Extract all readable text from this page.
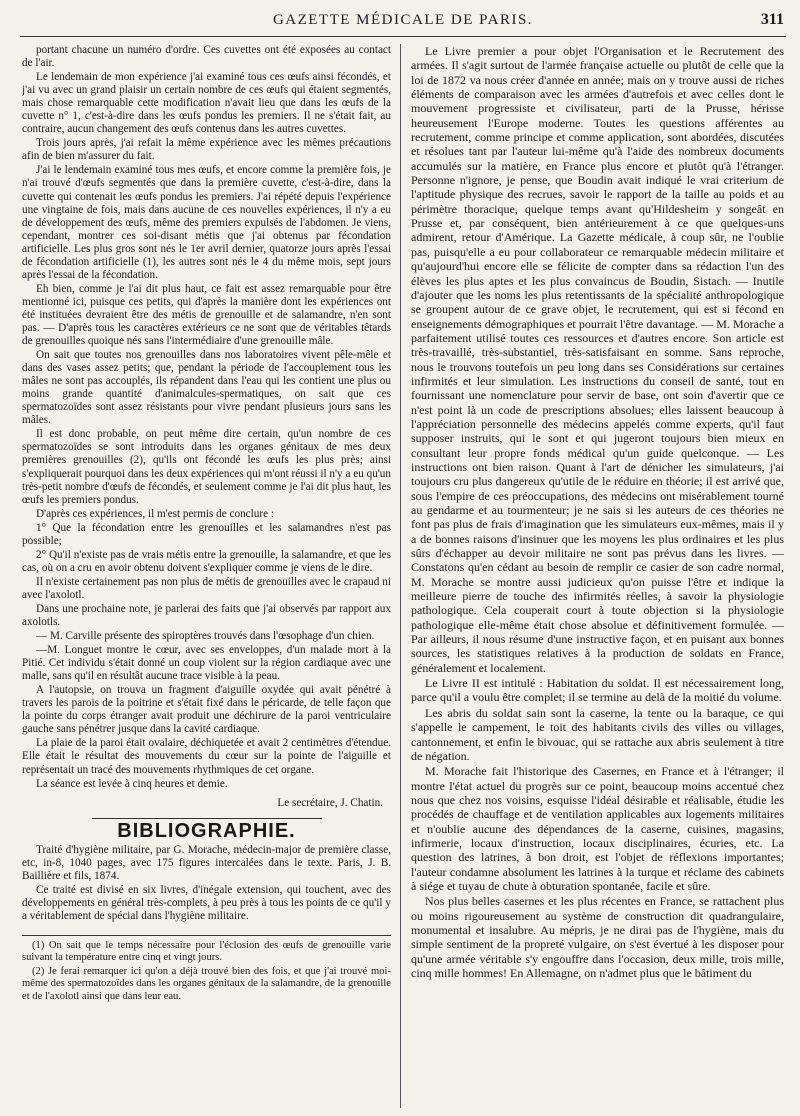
GAZETTE MÉDICALE DE PARIS.	311

portant chacune un numéro d'ordre. Ces cuvettes ont été exposées au contact de l'air.

Le lendemain de mon expérience j'ai examiné tous ces œufs ainsi fécondés, et j'ai vu avec un grand plaisir un certain nombre de ces œufs qui étaient segmentés, mais chose remarquable cette modification n'avait lieu que dans les œufs de la cuvette n° 1, c'est-à-dire dans les œufs pondus les premiers. Il ne s'était fait, au contraire, aucun changement des œufs contenus dans les autres cuvettes.

Trois jours après, j'ai refait la même expérience avec les mêmes précautions afin de bien m'assurer du fait.

J'ai le lendemain examiné tous mes œufs, et encore comme la première fois, je n'ai trouvé d'œufs segmentés que dans la première cuvette, c'est-à-dire, dans la cuvette qui contenait les œufs pondus les premiers. J'ai répété depuis l'expérience une vingtaine de fois, mais dans aucune de ces nouvelles expériences, il n'y a eu de développement des œufs, même des premiers expulsés de l'abdomen. Je viens, cependant, montrer ces soi-disant métis que j'ai obtenus par fécondation artificielle. Les plus gros sont nés le 1er avril dernier, quatorze jours après l'essai de fécondation artificielle (1), les autres sont nés le 4 du même mois, sept jours après l'essai de la fécondation.

Eh bien, comme je l'ai dit plus haut, ce fait est assez remarquable pour être mentionné ici, puisque ces petits, qui d'après la manière dont les expériences ont été instituées devraient être des métis de grenouille et de salamandre, n'en sont pas. — D'après tous les caractères extérieurs ce ne sont que de véritables têtards de grenouilles quoique nés sans l'intermédiaire d'une grenouille mâle.

On sait que toutes nos grenouilles dans nos laboratoires vivent pêle-mêle et dans des vases assez petits; que, pendant la période de l'accouplement tous les mâles ne sont pas accouplés, ils répandent dans l'eau qui les contient une plus ou moins grande quantité d'animalcules-spermatiques, on sait que ces spermatozoïdes sont assez résistants pour vivre pendant plusieurs jours sans les mâles.

Il est donc probable, on peut même dire certain, qu'un nombre de ces spermatozoïdes se sont introduits dans les organes génitaux de mes deux premières grenouilles (2), qu'ils ont fécondé les œufs les plus près; ainsi s'expliquerait pourquoi dans les deux expériences qui m'ont réussi il n'y a eu qu'un très-petit nombre d'œufs de fécondés, et seulement comme je l'ai dit plus haut, les œufs les premiers pondus.

D'après ces expériences, il m'est permis de conclure :

1° Que la fécondation entre les grenouilles et les salamandres n'est pas possible;

2° Qu'il n'existe pas de vrais métis entre la grenouille, la salamandre, et que les cas, où on a cru en avoir obtenu doivent s'expliquer comme je viens de le dire.

Il n'existe certainement pas non plus de métis de grenouilles avec le crapaud ni avec l'axolotl.

Dans une prochaine note, je parlerai des faits que j'ai observés par rapport aux axolotls.

— M. Carville présente des spiroptères trouvés dans l'œsophage d'un chien.

—M. Longuet montre le cœur, avec ses enveloppes, d'un malade mort à la Pitié. Cet individu s'était donné un coup violent sur la région cardiaque avec une malle, sans qu'il en résultât aucune trace visible à la peau.

A l'autopsie, on trouva un fragment d'aiguille oxydée qui avait pénétré à travers les parois de la poitrine et s'était fixé dans le péricarde, de telle façon que la pointe du corps étranger avait produit une déchirure de la paroi ventriculaire gauche sans pénétrer jusque dans la cavité cardiaque.

La plaie de la paroi était ovalaire, déchiquetée et avait 2 centimètres d'étendue. Elle était le résultat des mouvements du cœur sur la pointe de l'aiguille et représentait un tracé des mouvements rhythmiques de cet organe.

La séance est levée à cinq heures et demie.

Le secrétaire, J. Chatin.
BIBLIOGRAPHIE.

Traité d'hygiène militaire, par G. Morache, médecin-major de première classe, etc, in-8, 1040 pages, avec 175 figures intercalées dans le texte. Paris, J. B. Baillière et fils, 1874.

Ce traité est divisé en six livres, d'inégale extension, qui touchent, avec des développements en général très-complets, à peu près à tous les points de ce qu'il y a véritablement de spécial dans l'hygiène militaire.

(1) On sait que le temps nécessaire pour l'éclosion des œufs de grenouille varie suivant la température entre cinq et vingt jours.

(2) Je ferai remarquer ici qu'on a déjà trouvé bien des fois, et que j'ai trouvé moi-même des spermatozoïdes dans les organes génitaux de la salamandre, de la grenouille et de l'axolotl ainsi que dans leur eau.

Le Livre premier a pour objet l'Organisation et le Recrutement des armées. Il s'agit surtout de l'armée française actuelle ou plutôt de celle que la loi de 1872 va nous créer d'année en année; mais on y trouve aussi de riches éléments de comparaison avec les armées d'autrefois et avec celles dont le mouvement progressiste et civilisateur, parti de la Prusse, hérisse heureusement l'Europe moderne. Toutes les questions afférentes au recrutement, comme principe et comme application, sont abordées, discutées et résolues tant par l'auteur lui-même qu'à l'aide des nombreux documents accumulés sur la matière, en France plus encore et plutôt qu'à l'étranger. Personne n'ignore, je pense, que Boudin avait indiqué le vrai criterium de l'aptitude physique des recrues, savoir le rapport de la taille au poids et au périmètre thoracique, quelque temps avant qu'Hildesheim y songeât en Prusse et, par conséquent, bien antérieurement à ce que quelques-uns admirent, retour d'Amérique. La Gazette médicale, à coup sûr, ne l'oublie pas, puisqu'elle a eu pour collaborateur ce remarquable médecin militaire et qu'aujourd'hui encore elle se félicite de compter dans sa rédaction l'un des élèves les plus aptes et les plus convaincus de Boudin, Sistach. — Inutile d'ajouter que les noms les plus retentissants de la spécialité anthropologique se groupent autour de ce grave objet, le recrutement, qui est si fécond en enseignements démographiques et pourrait l'être davantage. — M. Morache a parfaitement utilisé toutes ces ressources et d'autres encore. Son article est très-travaillé, très-substantiel, très-satisfaisant en somme. Sans reproche, nous le trouvons toutefois un peu long dans ses Considérations sur certaines infirmités et leur simulation. Les instructions du conseil de santé, tout en fournissant une nomenclature pour servir de base, ont soin d'avertir que ce n'est point là un code de prescriptions absolues; elles laissent beaucoup à l'appréciation personnelle des médecins appelés comme experts, qu'il faut supposer instruits, qui le sont et qui jugeront toujours bien mieux en consultant leur propre fonds médical qu'un guide quelconque. — Les instructions ont bien raison. Quant à l'art de dénicher les simulateurs, j'ai toujours cru plus dangereux qu'utile de le réduire en théorie; il est arrivé que, sous l'empire de ces préoccupations, des médecins ont misérablement tourné au gendarme et au tourmenteur; je ne sais si les auteurs de ces théories ne font pas plus de frais d'imagination que les simulateurs eux-mêmes, mais il y a de bonnes raisons d'insinuer que les moyens les plus ordinaires et les plus sûrs d'échapper au devoir militaire ne sont pas prévus dans les livres. — Constatons qu'en cédant au besoin de remplir ce casier de son cadre normal, M. Morache se montre aussi judicieux qu'on puisse l'être et indique la meilleure pierre de touche des infirmités réelles, à savoir la physiologie pathologique. Cela couperait court à toute objection si la physiologie pathologique elle-même était chose absolue et définitivement formulée. — Par ailleurs, il nous résume d'une instructive façon, et en puisant aux bonnes sources, les statistiques relatives à la production de soldats en France, généralement et localement.

Le Livre II est intitulé : Habitation du soldat. Il est nécessairement long, parce qu'il a voulu être complet; il se termine au delà de la moitié du volume.

Les abris du soldat sain sont la caserne, la tente ou la baraque, ce qui s'appelle le campement, le toit des habitants civils des villes ou villages, cantonnement, et enfin le bivouac, qui se rattache aux abris seulement à titre de négation.

M. Morache fait l'historique des Casernes, en France et à l'étranger; il montre l'état actuel du progrès sur ce point, beaucoup moins accentué chez nous que chez nos voisins, esquisse l'idéal désirable et réalisable, étudie les procédés de chauffage et de ventilation applicables aux logements militaires et n'oublie aucune des dépendances de la caserne, cuisines, magasins, infirmerie, locaux d'instruction, locaux disciplinaires, écuries, etc. La question des latrines, à bon droit, est l'objet de réflexions importantes; l'auteur condamne absolument les latrines à la turque et réclame des cabinets à siége et tuyau de chute à obturation spontanée, facile et sûre.

Nos plus belles casernes et les plus récentes en France, se rattachent plus ou moins rigoureusement au système de construction dit quadrangulaire, monumental et insalubre. Au mépris, je ne dirai pas de l'hygiène, mais du simple sentiment de la propreté vulgaire, on s'est évertué à les disposer pour qu'une armée véritable s'y engouffre dans l'occasion, deux mille, trois mille, cinq mille hommes! En Allemagne, on n'admet plus que le bâtiment du
